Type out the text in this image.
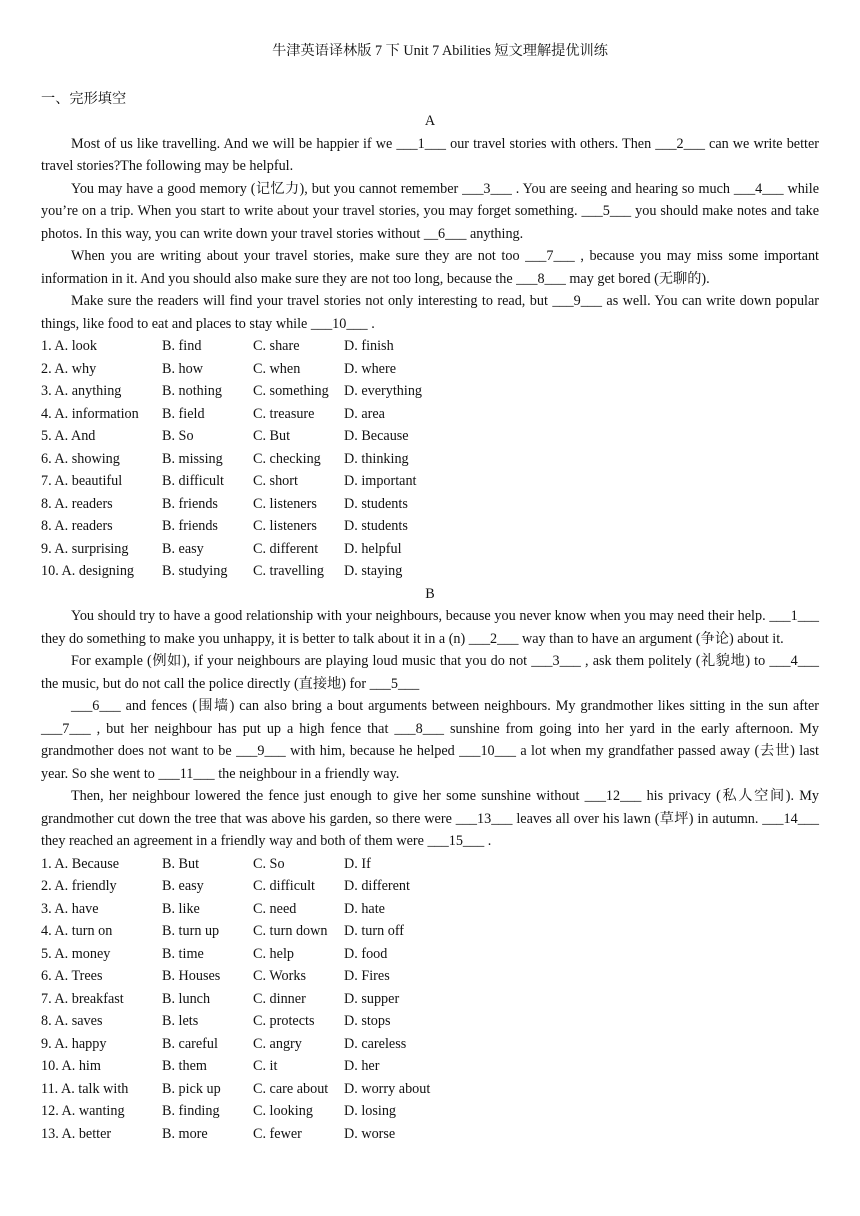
牛津英语译林版 7 下 Unit 7 Abilities 短文理解提优训练
一、完形填空
A

Most of us like travelling. And we will be happier if we ___1___ our travel stories with others. Then ___2___ can we write better travel stories?The following may be helpful.

You may have a good memory (记忆力), but you cannot remember ___3___ . You are seeing and hearing so much ___4___ while you’re on a trip. When you start to write about your travel stories, you may forget something. ___5___ you should make notes and take photos. In this way, you can write down your travel stories without __6___ anything.

When you are writing about your travel stories, make sure they are not too ___7___ , because you may miss some important information in it. And you should also make sure they are not too long, because the ___8___ may get bored (无聊的).

Make sure the readers will find your travel stories not only interesting to read, but ___9___ as well. You can write down popular things, like food to eat and places to stay while ___10___ .

1. A. look	B. find	C. share	D. finish
2. A. why	B. how	C. when	D. where
3. A. anything	B. nothing	C. something	D. everything
4. A. information	B. field	C. treasure	D. area
5. A. And	B. So	C. But	D. Because
6. A. showing	B. missing	C. checking	D. thinking
7. A. beautiful	B. difficult	C. short	D. important
8. A. readers	B. friends	C. listeners	D. students
8. A. readers	B. friends	C. listeners	D. students
9. A. surprising	B. easy	C. different	D. helpful
10. A. designing	B. studying	C. travelling	D. staying
B

You should try to have a good relationship with your neighbours, because you never know when you may need their help. ___1___ they do something to make you unhappy, it is better to talk about it in a (n) ___2___ way than to have an argument (争论) about it.

For example (例如), if your neighbours are playing loud music that you do not ___3___ , ask them politely (礼貌地) to ___4___ the music, but do not call the police directly (直接地) for ___5___

___6___ and fences (围墙) can also bring a bout arguments between neighbours. My grandmother likes sitting in the sun after ___7___ , but her neighbour has put up a high fence that ___8___ sunshine from going into her yard in the early afternoon. My grandmother does not want to be ___9___ with him, because he helped ___10___ a lot when my grandfather passed away (去世) last year. So she went to ___11___ the neighbour in a friendly way.

Then, her neighbour lowered the fence just enough to give her some sunshine without ___12___ his privacy (私人空间). My grandmother cut down the tree that was above his garden, so there were ___13___ leaves all over his lawn (草坪) in autumn. ___14___ they reached an agreement in a friendly way and both of them were ___15___ .

1. A. Because	B. But	C. So	D. If
2. A. friendly	B. easy	C. difficult	D. different
3. A. have	B. like	C. need	D. hate
4. A. turn on	B. turn up	C. turn down	D. turn off
5. A. money	B. time	C. help	D. food
6. A. Trees	B. Houses	C. Works	D. Fires
7. A. breakfast	B. lunch	C. dinner	D. supper
8. A. saves	B. lets	C. protects	D. stops
9. A. happy	B. careful	C. angry	D. careless
10. A. him	B. them	C. it	D. her
11. A. talk with	B. pick up	C. care about	D. worry about
12. A. wanting	B. finding	C. looking	D. losing
13. A. better	B. more	C. fewer	D. worse
